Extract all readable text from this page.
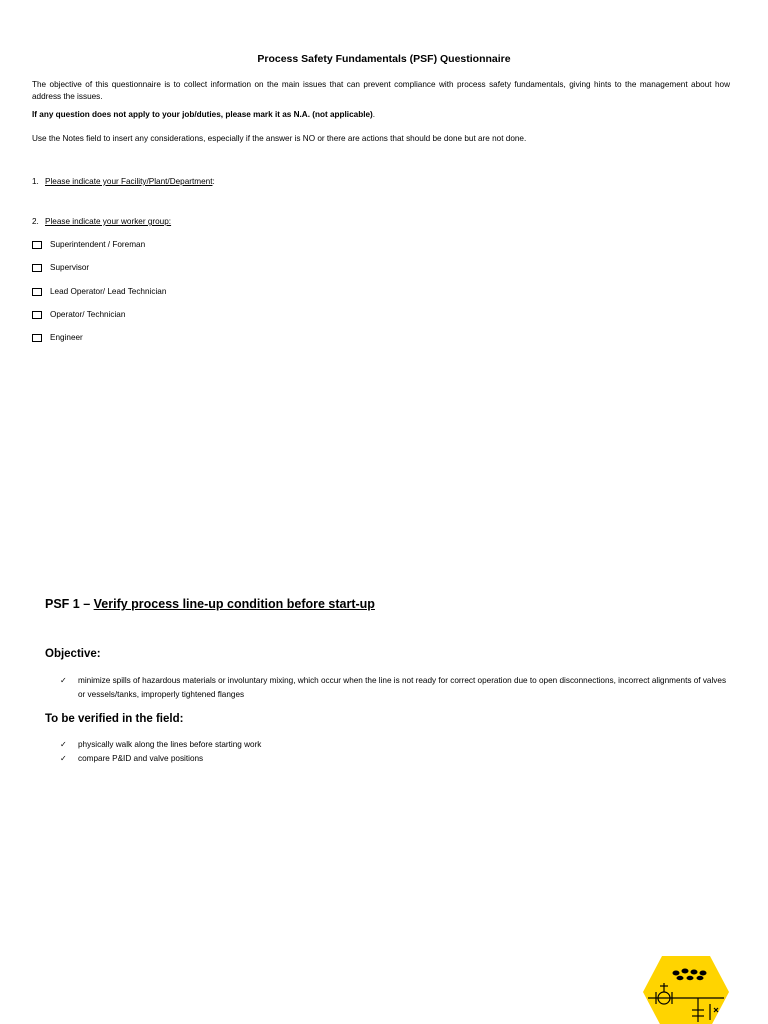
Process Safety Fundamentals (PSF) Questionnaire
The objective of this questionnaire is to collect information on the main issues that can prevent compliance with process safety fundamentals, giving hints to the management about how address the issues.
If any question does not apply to your job/duties, please mark it as N.A. (not applicable).
Use the Notes field to insert any considerations, especially if the answer is NO or there are actions that should be done but are not done.
1. Please indicate your Facility/Plant/Department:
2. Please indicate your worker group:
Superintendent / Foreman
Supervisor
Lead Operator/ Lead Technician
Operator/ Technician
Engineer
PSF 1 – Verify process line-up condition before start-up
Objective:
✓ minimize spills of hazardous materials or involuntary mixing, which occur when the line is not ready for correct operation due to open disconnections, incorrect alignments of valves or vessels/tanks, improperly tightened flanges
To be verified in the field:
✓ physically walk along the lines before starting work
✓ compare P&ID and valve positions
